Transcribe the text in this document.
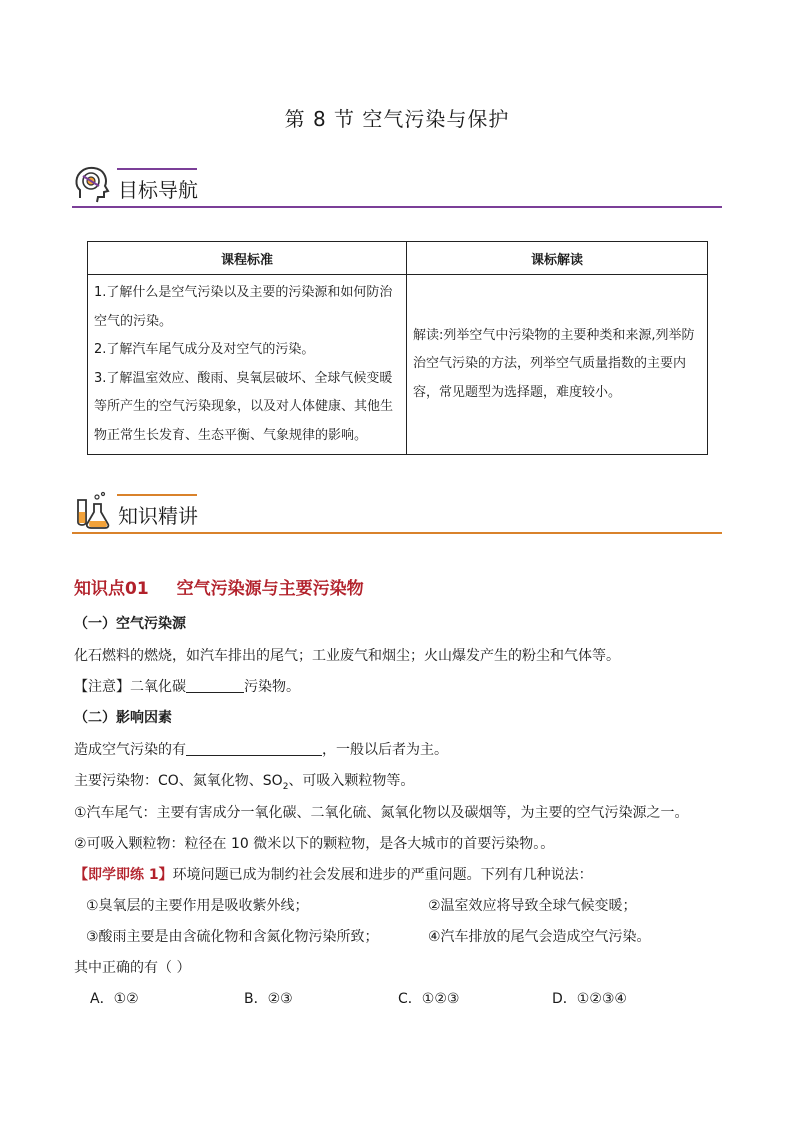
第 8 节 空气污染与保护
目标导航
课程标准	课标解读

1.了解什么是空气污染以及主要的污染源和如何防治空气的污染。
2.了解汽车尾气成分及对空气的污染。
3.了解温室效应、酸雨、臭氧层破坏、全球气候变暖等所产生的空气污染现象，以及对人体健康、其他生物正常生长发育、生态平衡、气象规律的影响。	解读:列举空气中污染物的主要种类和来源,列举防治空气污染的方法，列举空气质量指数的主要内容，常见题型为选择题，难度较小。
知识精讲
知识点01 空气污染源与主要污染物
（一）空气污染源
化石燃料的燃烧，如汽车排出的尾气；工业废气和烟尘；火山爆发产生的粉尘和气体等。
【注意】二氧化碳	污染物。
（二）影响因素
造成空气污染的有	，一般以后者为主。
主要污染物：CO、氮氧化物、$SO_2$、可吸入颗粒物等。
①汽车尾气：主要有害成分一氧化碳、二氧化硫、氮氧化物以及碳烟等，为主要的空气污染源之一。
②可吸入颗粒物：粒径在 10 微米以下的颗粒物，是各大城市的首要污染物。。
【即学即练 1】环境问题已成为制约社会发展和进步的严重问题。下列有几种说法：
①臭氧层的主要作用是吸收紫外线；	②温室效应将导致全球气候变暖；
③酸雨主要是由含硫化物和含氮化物污染所致；	④汽车排放的尾气会造成空气污染。
其中正确的有（ ）
A．①②	B．②③	C．①②③	D．①②③④
